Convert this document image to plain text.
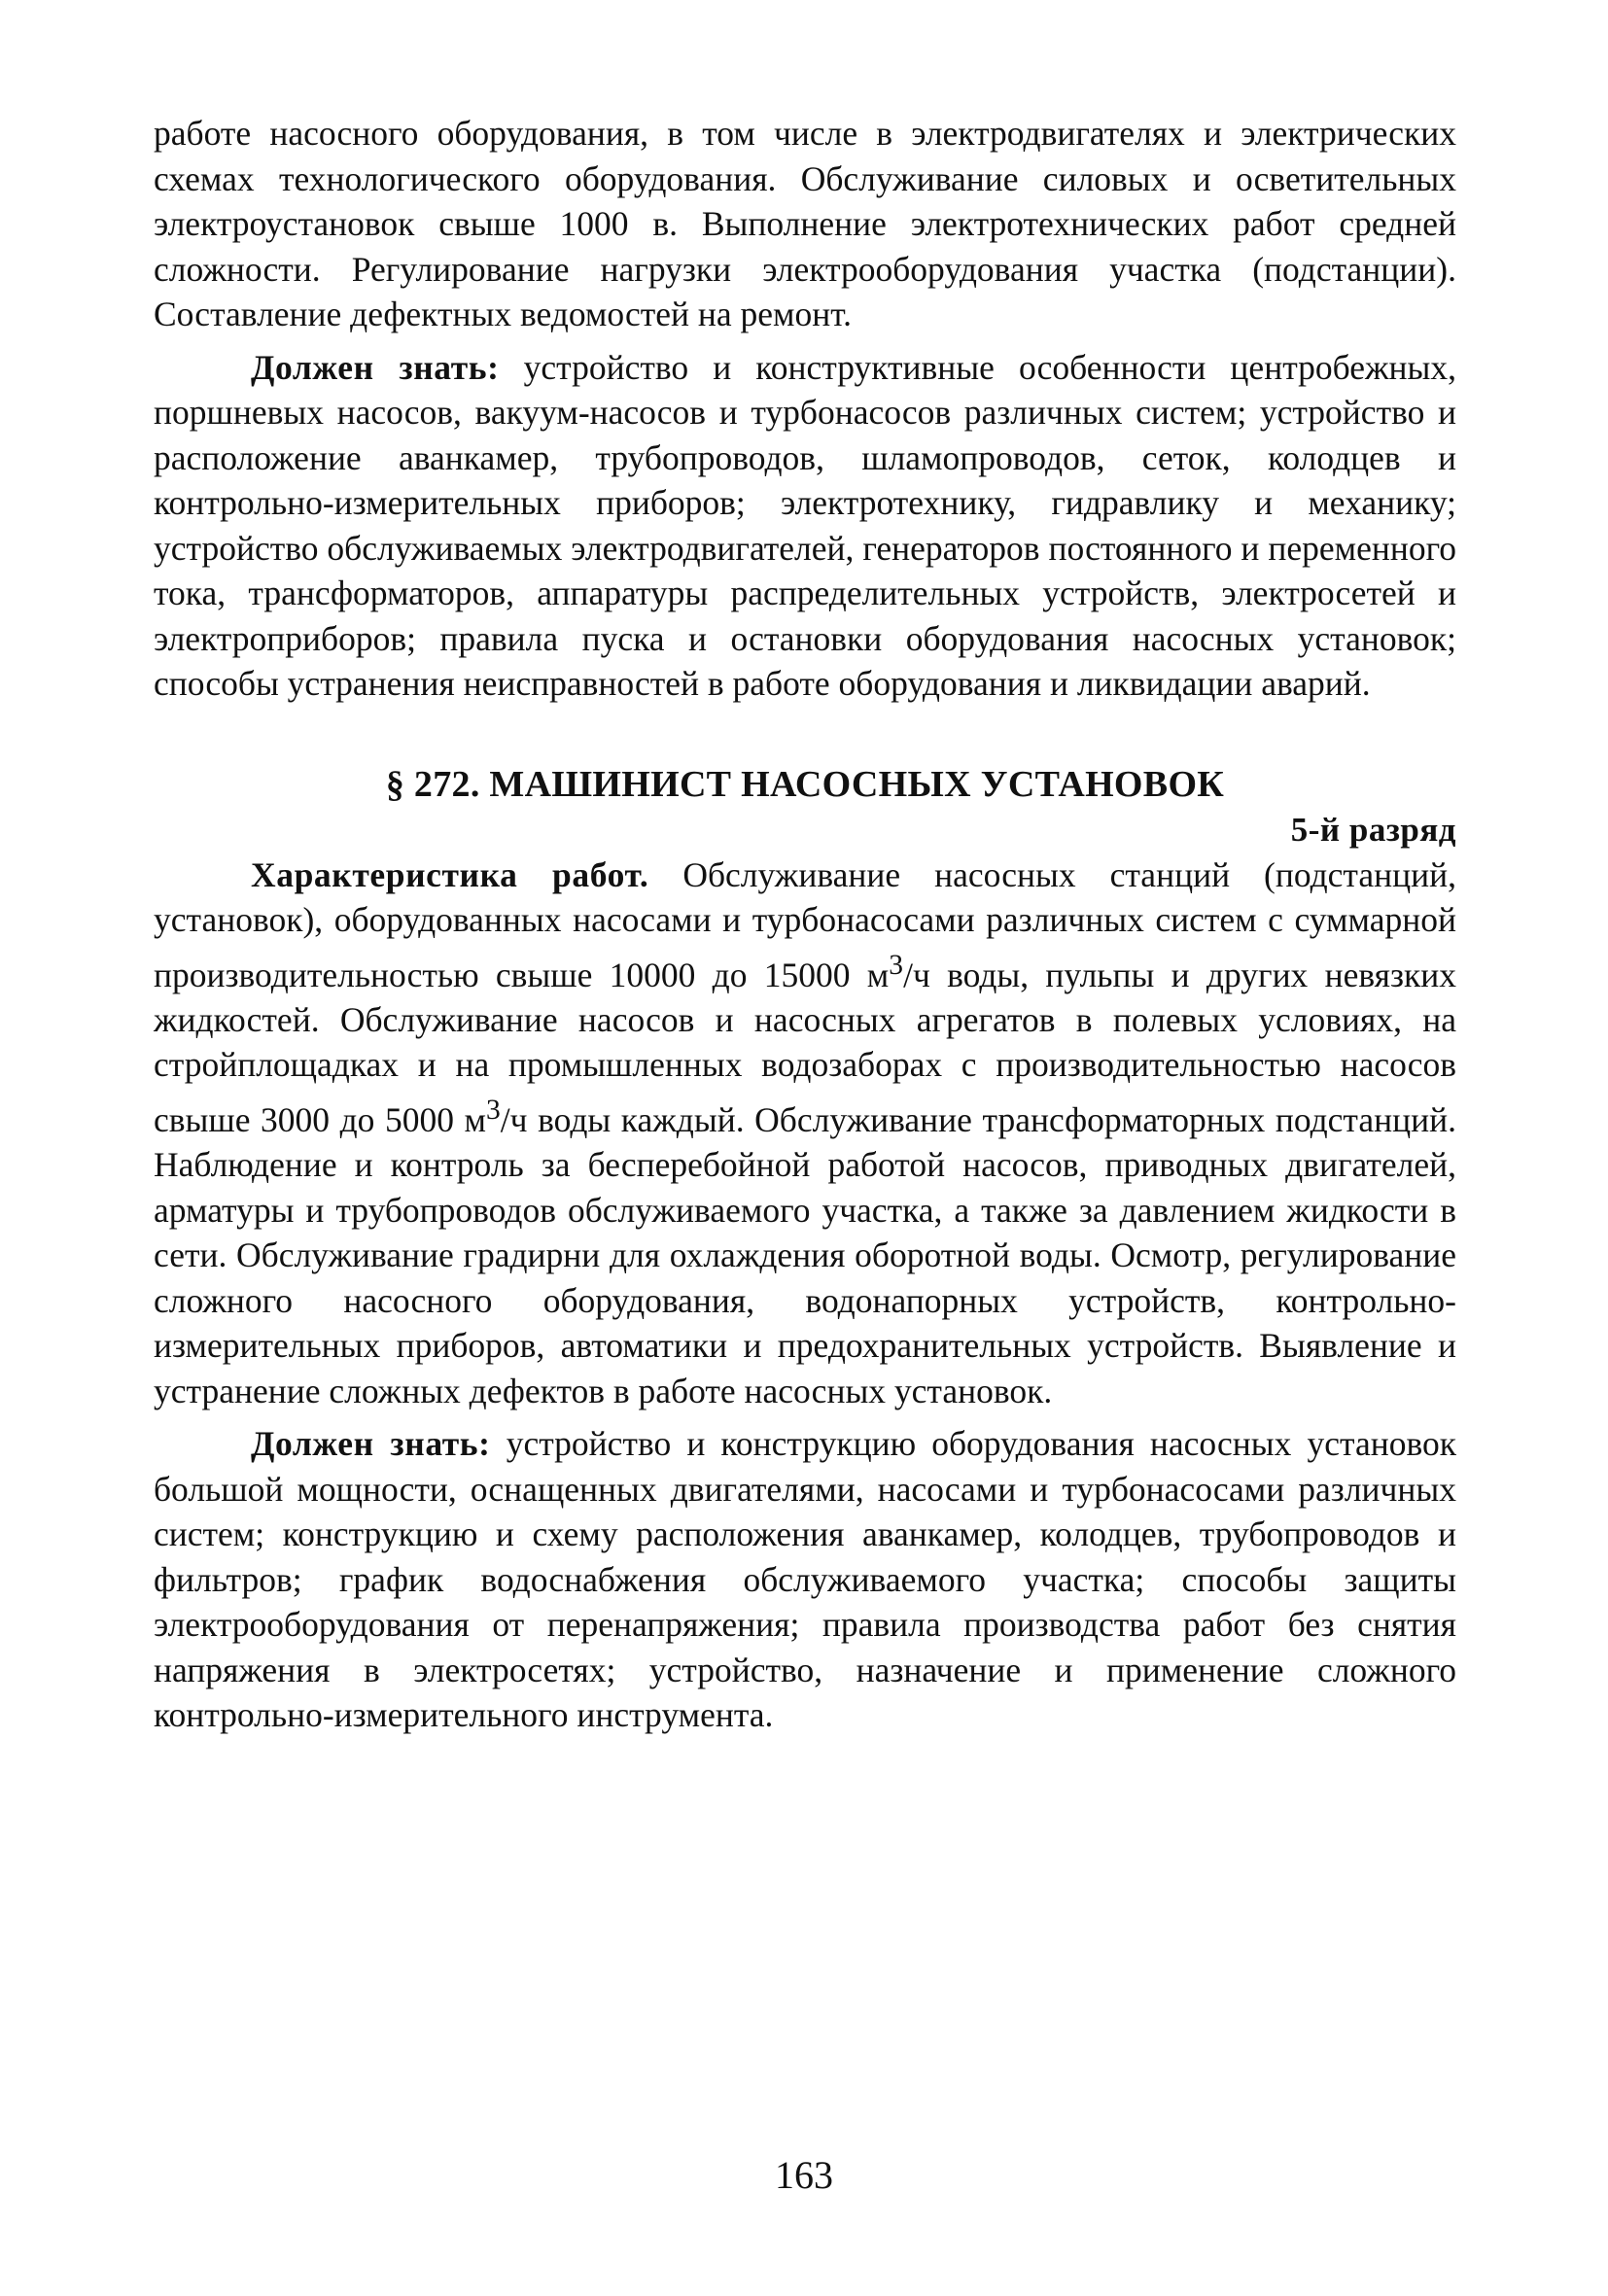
работе насосного оборудования, в том числе в электродвигателях и электрических схемах технологического оборудования. Обслуживание силовых и осветительных электроустановок свыше 1000 в. Выполнение электротехнических работ средней сложности. Регулирование нагрузки электрооборудования участка (подстанции). Составление дефектных ведомостей на ремонт.

Должен знать: устройство и конструктивные особенности центробежных, поршневых насосов, вакуум-насосов и турбонасосов различных систем; устройство и расположение аванкамер, трубопроводов, шламопроводов, сеток, колодцев и контрольно-измерительных приборов; электротехнику, гидравлику и механику; устройство обслуживаемых электродвигателей, генераторов постоянного и переменного тока, трансформаторов, аппаратуры распределительных устройств, электросетей и электроприборов; правила пуска и остановки оборудования насосных установок; способы устранения неисправностей в работе оборудования и ликвидации аварий.

§ 272. МАШИНИСТ НАСОСНЫХ УСТАНОВОК

5-й разряд

Характеристика работ. Обслуживание насосных станций (подстанций, установок), оборудованных насосами и турбонасосами различных систем с суммарной производительностью свыше 10000 до 15000 $м^3/ч$ воды, пульпы и других невязких жидкостей. Обслуживание насосов и насосных агрегатов в полевых условиях, на стройплощадках и на промышленных водозаборах с производительностью насосов свыше 3000 до 5000 $м^3/ч$ воды каждый. Обслуживание трансформаторных подстанций. Наблюдение и контроль за бесперебойной работой насосов, приводных двигателей, арматуры и трубопроводов обслуживаемого участка, а также за давлением жидкости в сети. Обслуживание градирни для охлаждения оборотной воды. Осмотр, регулирование сложного насосного оборудования, водонапорных устройств, контрольно-измерительных приборов, автоматики и предохранительных устройств. Выявление и устранение сложных дефектов в работе насосных установок.

Должен знать: устройство и конструкцию оборудования насосных установок большой мощности, оснащенных двигателями, насосами и турбонасосами различных систем; конструкцию и схему расположения аванкамер, колодцев, трубопроводов и фильтров; график водоснабжения обслуживаемого участка; способы защиты электрооборудования от перенапряжения; правила производства работ без снятия напряжения в электросетях; устройство, назначение и применение сложного контрольно-измерительного инструмента.

163
